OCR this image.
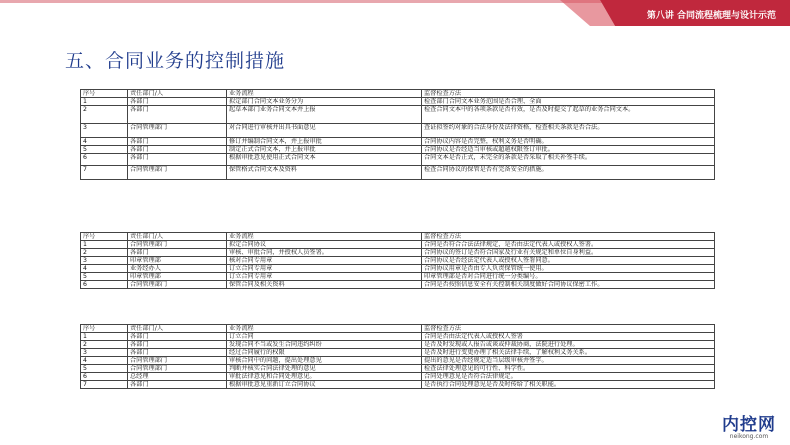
第八讲 合同流程梳理与设计示范
五、合同业务的控制措施
序号	责任部门/人	业务流程	监督检查方法
1	各部门	拟定部门合同文本业务分为	检查部门合同文本业务范围是否合理、全面
2	各部门	起草本部门业务合同文本并上报	检查合同文本中的各项条款是否有效，是否及时提交了起草的业务合同文本。
3	合同管理部门	对合同进行审核并出具书面意见	查证拟签约对象的合法身份及法律资格，检查相关条款是否合法。
4	各部门	修订并编制合同文本，并上报审批	合同协议内容是否完整，权利义务是否明确。
5	各部门	制定正式合同文本，并上报审批	合同协议是否经适当审核或超越权限签订审批。
6	各部门	根据审批意见使用正式合同文本	合同文本是否正式，未完全的条款是否采取了相关补签手续。
7	合同管理部门	保管格式合同文本及资料	检查合同协议的保管是否有完备安全的措施。
序号	责任部门/人	业务流程	监督检查方法
1	合同管理部门	拟定合同协议	合同是否符合合法法律规定，是否由法定代表人或授权人签署。
2	各部门	审核、审批合同，并授权人员签署。	合同协议的签订是否符合国家及行业有关规定和单位自身利益。
3	印章管理部	核对合同专用章	合同协议是否经法定代表人或授权人签署同意。
4	业务经办人	订立合同专用章	合同协议用章是否由专人负责保管统一使用。
5	印章管理部	订立合同专用章	印章管理部是否对合同进行统一分类编号。
6	合同管理部门	保管合同及相关资料	合同是否按照信息安全有关控制相关制度做好合同协议保密工作。
序号	责任部门/人	业务流程	监督检查方法
1	各部门	订立合同	合同是否由法定代表人或授权人签署
2	各部门	发现合同不当或发生合同违约纠纷	是否及时发现或人报告或谈或仲裁协商，法院进行处理。
3	各部门	经过合同履行的权限	是否及时进行变更办理了相关法律手续，了解权利义务关系。
4	合同管理部门	审核合同中的问题，提出处理意见	提出的意见是否经规定适当层级审核并签字。
5	合同管理部门	判断并核实合同法律处理的意见	检查法律处理意见的可行性、科学性。
6	总经理	审批法律意见和合同处理意见。	合同处理意见是否符合法律规定。
7	各部门	根据审批意见重新订立合同协议	是否执行合同处理意见是否及时传给了相关职能。
内控网
neikong.com
